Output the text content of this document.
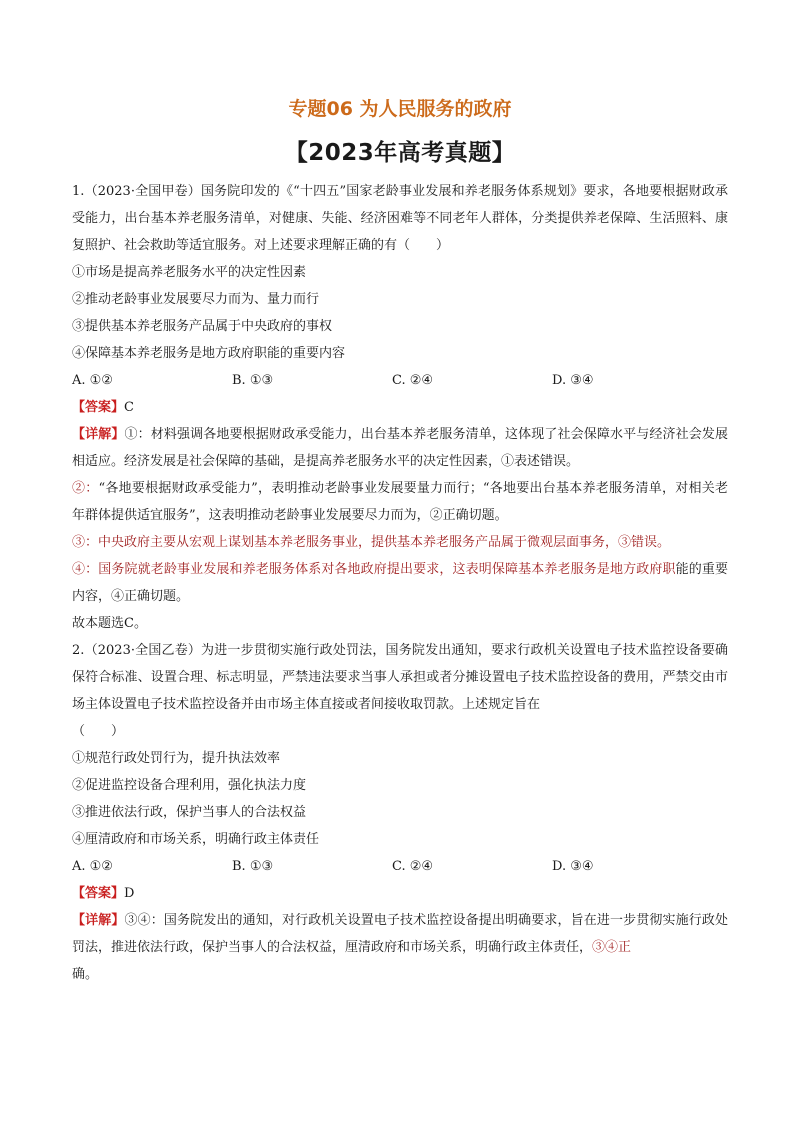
专题06 为人民服务的政府
【2023年高考真题】
1.（2023·全国甲卷）国务院印发的《“十四五”国家老龄事业发展和养老服务体系规划》要求，各地要根据财政承受能力，出台基本养老服务清单，对健康、失能、经济困难等不同老年人群体，分类提供养老保障、生活照料、康复照护、社会救助等适宜服务。对上述要求理解正确的有（　　）
①市场是提高养老服务水平的决定性因素
②推动老龄事业发展要尽力而为、量力而行
③提供基本养老服务产品属于中央政府的事权
④保障基本养老服务是地方政府职能的重要内容
A. ①②	B. ①③	C. ②④	D. ③④
【答案】C
【详解】①：材料强调各地要根据财政承受能力，出台基本养老服务清单，这体现了社会保障水平与经济社会发展相适应。经济发展是社会保障的基础，是提高养老服务水平的决定性因素，①表述错误。
②：“各地要根据财政承受能力”，表明推动老龄事业发展要量力而行；“各地要出台基本养老服务清单，对相关老年群体提供适宜服务”，这表明推动老龄事业发展要尽力而为，②正确切题。
③：中央政府主要从宏观上谋划基本养老服务事业，提供基本养老服务产品属于微观层面事务，③错误。
④：国务院就老龄事业发展和养老服务体系对各地政府提出要求，这表明保障基本养老服务是地方政府职能的重要内容，④正确切题。
故本题选C。
2.（2023·全国乙卷）为进一步贯彻实施行政处罚法，国务院发出通知，要求行政机关设置电子技术监控设备要确保符合标准、设置合理、标志明显，严禁违法要求当事人承担或者分摊设置电子技术监控设备的费用，严禁交由市场主体设置电子技术监控设备并由市场主体直接或者间接收取罚款。上述规定旨在
（　　）
①规范行政处罚行为，提升执法效率
②促进监控设备合理利用，强化执法力度
③推进依法行政，保护当事人的合法权益
④厘清政府和市场关系，明确行政主体责任
A. ①②	B. ①③	C. ②④	D. ③④
【答案】D
【详解】③④：国务院发出的通知，对行政机关设置电子技术监控设备提出明确要求，旨在进一步贯彻实施行政处罚法，推进依法行政，保护当事人的合法权益，厘清政府和市场关系，明确行政主体责任，③④正
确。
